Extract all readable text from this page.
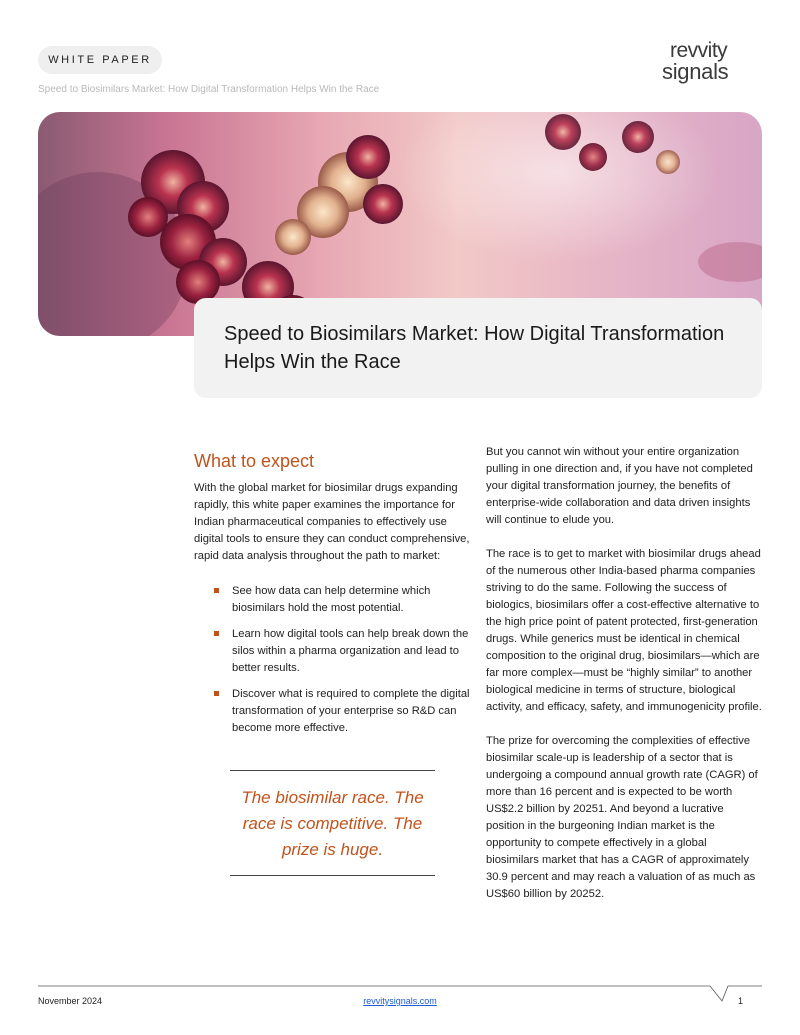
WHITE PAPER
Speed to Biosimilars Market: How Digital Transformation Helps Win the Race
revvity
signals
Speed to Biosimilars Market: How Digital Transformation Helps Win the Race
What to expect

With the global market for biosimilar drugs expanding rapidly, this white paper examines the importance for Indian pharmaceutical companies to effectively use digital tools to ensure they can conduct comprehensive, rapid data analysis throughout the path to market:

See how data can help determine which biosimilars hold the most potential.
Learn how digital tools can help break down the silos within a pharma organization and lead to better results.
Discover what is required to complete the digital transformation of your enterprise so R&D can become more effective.

The biosimilar race. The race is competitive. The prize is huge.

But you cannot win without your entire organization pulling in one direction and, if you have not completed your digital transformation journey, the benefits of enterprise-wide collaboration and data driven insights will continue to elude you.

The race is to get to market with biosimilar drugs ahead of the numerous other India-based pharma companies striving to do the same. Following the success of biologics, biosimilars offer a cost-effective alternative to the high price point of patent protected, first-generation drugs. While generics must be identical in chemical composition to the original drug, biosimilars—which are far more complex—must be “highly similar” to another biological medicine in terms of structure, biological activity, and efficacy, safety, and immunogenicity profile.

The prize for overcoming the complexities of effective biosimilar scale-up is leadership of a sector that is undergoing a compound annual growth rate (CAGR) of more than 16 percent and is expected to be worth US$2.2 billion by 20251. And beyond a lucrative position in the burgeoning Indian market is the opportunity to compete effectively in a global biosimilars market that has a CAGR of approximately 30.9 percent and may reach a valuation of as much as US$60 billion by 20252.

November 2024	revvitysignals.com	1
